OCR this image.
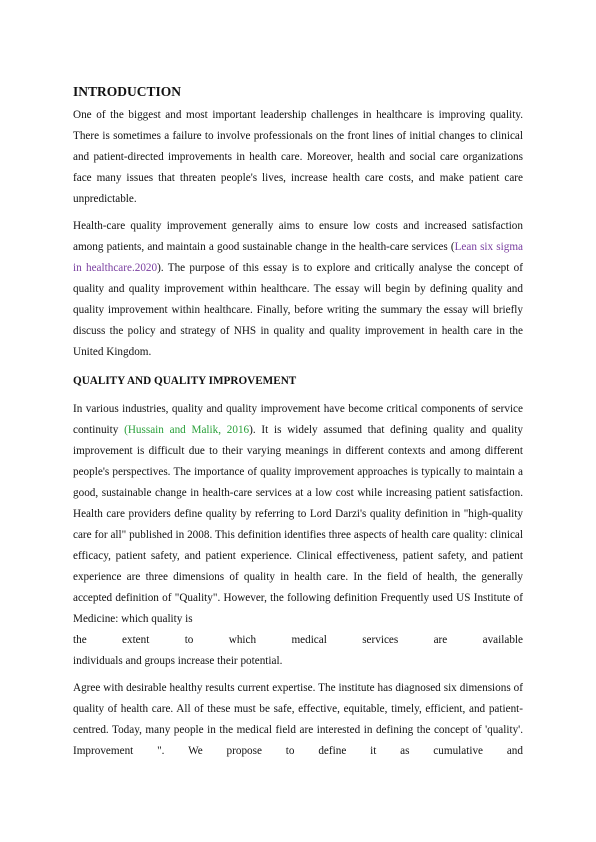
INTRODUCTION

One of the biggest and most important leadership challenges in healthcare is improving quality. There is sometimes a failure to involve professionals on the front lines of initial changes to clinical and patient-directed improvements in health care. Moreover, health and social care organizations face many issues that threaten people's lives, increase health care costs, and make patient care unpredictable.

Health-care quality improvement generally aims to ensure low costs and increased satisfaction among patients, and maintain a good sustainable change in the health-care services (Lean six sigma in healthcare.2020). The purpose of this essay is to explore and critically analyse the concept of quality and quality improvement within healthcare. The essay will begin by defining quality and quality improvement within healthcare. Finally, before writing the summary the essay will briefly discuss the policy and strategy of NHS in quality and quality improvement in health care in the United Kingdom.

QUALITY AND QUALITY IMPROVEMENT

In various industries, quality and quality improvement have become critical components of service continuity (Hussain and Malik, 2016). It is widely assumed that defining quality and quality improvement is difficult due to their varying meanings in different contexts and among different people's perspectives. The importance of quality improvement approaches is typically to maintain a good, sustainable change in health-care services at a low cost while increasing patient satisfaction. Health care providers define quality by referring to Lord Darzi's quality definition in "high-quality care for all" published in 2008. This definition identifies three aspects of health care quality: clinical efficacy, patient safety, and patient experience. Clinical effectiveness, patient safety, and patient experience are three dimensions of quality in health care. In the field of health, the generally accepted definition of "Quality". However, the following definition Frequently used US Institute of Medicine: which quality is

the	extent	to	which	medical	services	are	available

individuals and groups increase their potential.

Agree with desirable healthy results current expertise. The institute has diagnosed six dimensions of quality of health care. All of these must be safe, effective, equitable, timely, efficient, and patient-centred. Today, many people in the medical field are interested in defining the concept of 'quality'. Improvement ". We propose to define it as cumulative and
